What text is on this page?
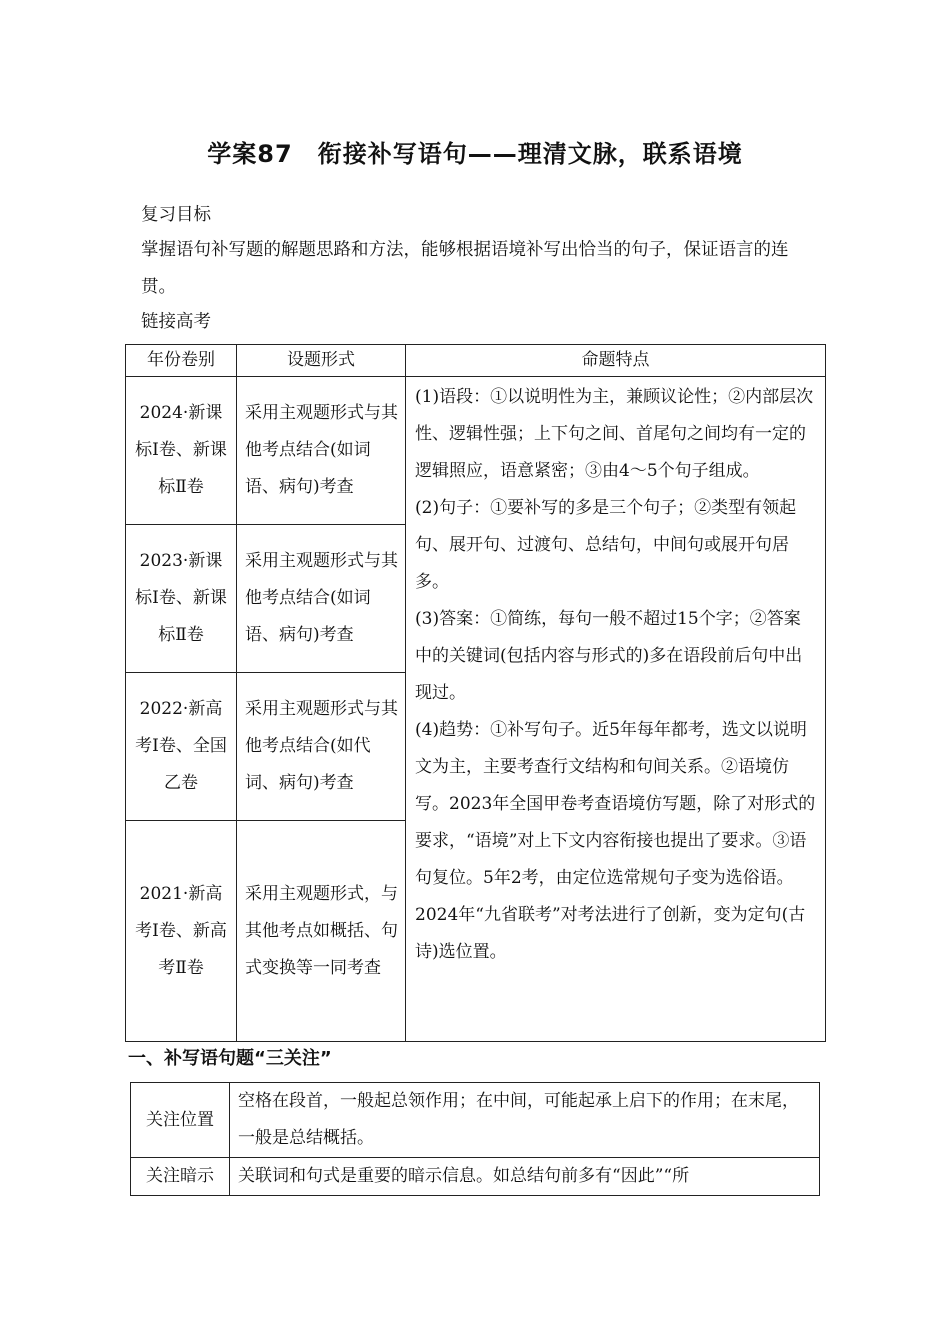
学案87　衔接补写语句——理清文脉，联系语境
复习目标
掌握语句补写题的解题思路和方法，能够根据语境补写出恰当的句子，保证语言的连贯。
链接高考
年份卷别	设题形式	命题特点
2024·新课标Ⅰ卷、新课标Ⅱ卷	采用主观题形式与其他考点结合(如词语、病句)考查	(1)语段：①以说明性为主，兼顾议论性；②内部层次性、逻辑性强；上下句之间、首尾句之间均有一定的逻辑照应，语意紧密；③由4～5个句子组成。

(2)句子：①要补写的多是三个句子；②类型有领起句、展开句、过渡句、总结句，中间句或展开句居多。

(3)答案：①简练，每句一般不超过15个字；②答案中的关键词(包括内容与形式的)多在语段前后句中出现过。

(4)趋势：①补写句子。近5年每年都考，选文以说明文为主，主要考查行文结构和句间关系。②语境仿写。2023年全国甲卷考查语境仿写题，除了对形式的要求，“语境”对上下文内容衔接也提出了要求。③语句复位。5年2考，由定位选常规句子变为选俗语。2024年“九省联考”对考法进行了创新，变为定句(古诗)选位置。

2023·新课标Ⅰ卷、新课标Ⅱ卷	采用主观题形式与其他考点结合(如词语、病句)考查	
2022·新高考Ⅰ卷、全国乙卷	采用主观题形式与其他考点结合(如代词、病句)考查	
2021·新高考Ⅰ卷、新高考Ⅱ卷	采用主观题形式，与其他考点如概括、句式变换等一同考查	
一、补写语句题“三关注”
关注位置	空格在段首，一般起总领作用；在中间，可能起承上启下的作用；在末尾，一般是总结概括。
关注暗示	关联词和句式是重要的暗示信息。如总结句前多有“因此”“所
